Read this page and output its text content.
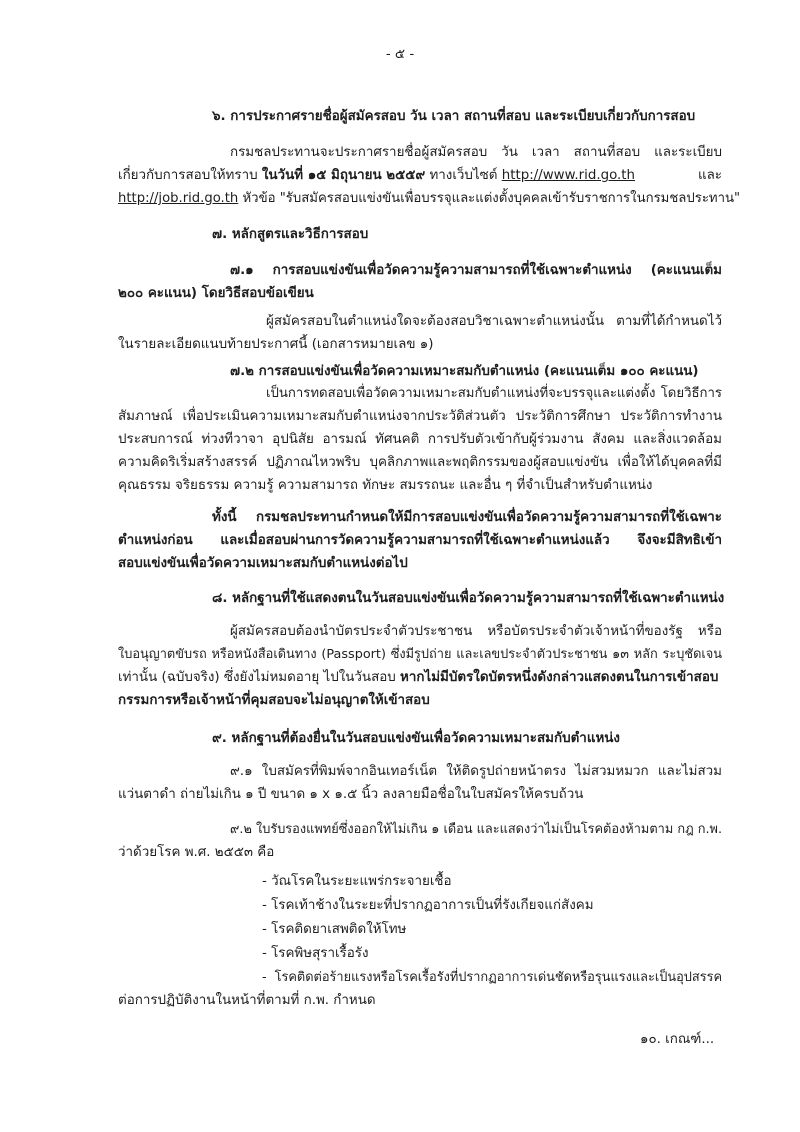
- ๕ -
๖. การประกาศรายชื่อผู้สมัครสอบ วัน เวลา สถานที่สอบ และระเบียบเกี่ยวกับการสอบ
กรมชลประทานจะประกาศรายชื่อผู้สมัครสอบ วัน เวลา สถานที่สอบ และระเบียบ
เกี่ยวกับการสอบให้ทราบ ในวันที่ ๑๕ มิถุนายน ๒๕๕๙ ทางเว็บไซต์ http://www.rid.go.th	และ
http://job.rid.go.th หัวข้อ "รับสมัครสอบแข่งขันเพื่อบรรจุและแต่งตั้งบุคคลเข้ารับราชการในกรมชลประทาน"
๗. หลักสูตรและวิธีการสอบ
๗.๑ การสอบแข่งขันเพื่อวัดความรู้ความสามารถที่ใช้เฉพาะตำแหน่ง (คะแนนเต็ม
๒๐๐ คะแนน) โดยวิธีสอบข้อเขียน
ผู้สมัครสอบในตำแหน่งใดจะต้องสอบวิชาเฉพาะตำแหน่งนั้น ตามที่ได้กำหนดไว้
ในรายละเอียดแนบท้ายประกาศนี้ (เอกสารหมายเลข ๑)
๗.๒ การสอบแข่งขันเพื่อวัดความเหมาะสมกับตำแหน่ง (คะแนนเต็ม ๑๐๐ คะแนน)
เป็นการทดสอบเพื่อวัดความเหมาะสมกับตำแหน่งที่จะบรรจุและแต่งตั้ง โดยวิธีการ
สัมภาษณ์ เพื่อประเมินความเหมาะสมกับตำแหน่งจากประวัติส่วนตัว ประวัติการศึกษา ประวัติการทำงาน
ประสบการณ์ ท่วงทีวาจา อุปนิสัย อารมณ์ ทัศนคติ การปรับตัวเข้ากับผู้ร่วมงาน สังคม และสิ่งแวดล้อม
ความคิดริเริ่มสร้างสรรค์ ปฏิภาณไหวพริบ บุคลิกภาพและพฤติกรรมของผู้สอบแข่งขัน เพื่อให้ได้บุคคลที่มี
คุณธรรม จริยธรรม ความรู้ ความสามารถ ทักษะ สมรรถนะ และอื่น ๆ ที่จำเป็นสำหรับตำแหน่ง
ทั้งนี้ กรมชลประทานกำหนดให้มีการสอบแข่งขันเพื่อวัดความรู้ความสามารถที่ใช้เฉพาะ
ตำแหน่งก่อน และเมื่อสอบผ่านการวัดความรู้ความสามารถที่ใช้เฉพาะตำแหน่งแล้ว จึงจะมีสิทธิเข้า
สอบแข่งขันเพื่อวัดความเหมาะสมกับตำแหน่งต่อไป
๘. หลักฐานที่ใช้แสดงตนในวันสอบแข่งขันเพื่อวัดความรู้ความสามารถที่ใช้เฉพาะตำแหน่ง
ผู้สมัครสอบต้องนำบัตรประจำตัวประชาชน หรือบัตรประจำตัวเจ้าหน้าที่ของรัฐ หรือ
ใบอนุญาตขับรถ หรือหนังสือเดินทาง (Passport) ซึ่งมีรูปถ่าย และเลขประจำตัวประชาชน ๑๓ หลัก ระบุชัดเจน
เท่านั้น (ฉบับจริง) ซึ่งยังไม่หมดอายุ ไปในวันสอบ หากไม่มีบัตรใดบัตรหนึ่งดังกล่าวแสดงตนในการเข้าสอบ
กรรมการหรือเจ้าหน้าที่คุมสอบจะไม่อนุญาตให้เข้าสอบ
๙. หลักฐานที่ต้องยื่นในวันสอบแข่งขันเพื่อวัดความเหมาะสมกับตำแหน่ง
๙.๑ ใบสมัครที่พิมพ์จากอินเทอร์เน็ต ให้ติดรูปถ่ายหน้าตรง ไม่สวมหมวก และไม่สวม
แว่นตาดำ ถ่ายไม่เกิน ๑ ปี ขนาด ๑ x ๑.๕ นิ้ว ลงลายมือชื่อในใบสมัครให้ครบถ้วน
๙.๒ ใบรับรองแพทย์ซึ่งออกให้ไม่เกิน ๑ เดือน และแสดงว่าไม่เป็นโรคต้องห้ามตาม กฎ ก.พ.
ว่าด้วยโรค พ.ศ. ๒๕๕๓ คือ
- วัณโรคในระยะแพร่กระจายเชื้อ
- โรคเท้าช้างในระยะที่ปรากฏอาการเป็นที่รังเกียจแก่สังคม
- โรคติดยาเสพติดให้โทษ
- โรคพิษสุราเรื้อรัง
- โรคติดต่อร้ายแรงหรือโรคเรื้อรังที่ปรากฏอาการเด่นชัดหรือรุนแรงและเป็นอุปสรรค
ต่อการปฏิบัติงานในหน้าที่ตามที่ ก.พ. กำหนด
๑๐. เกณฑ์...
